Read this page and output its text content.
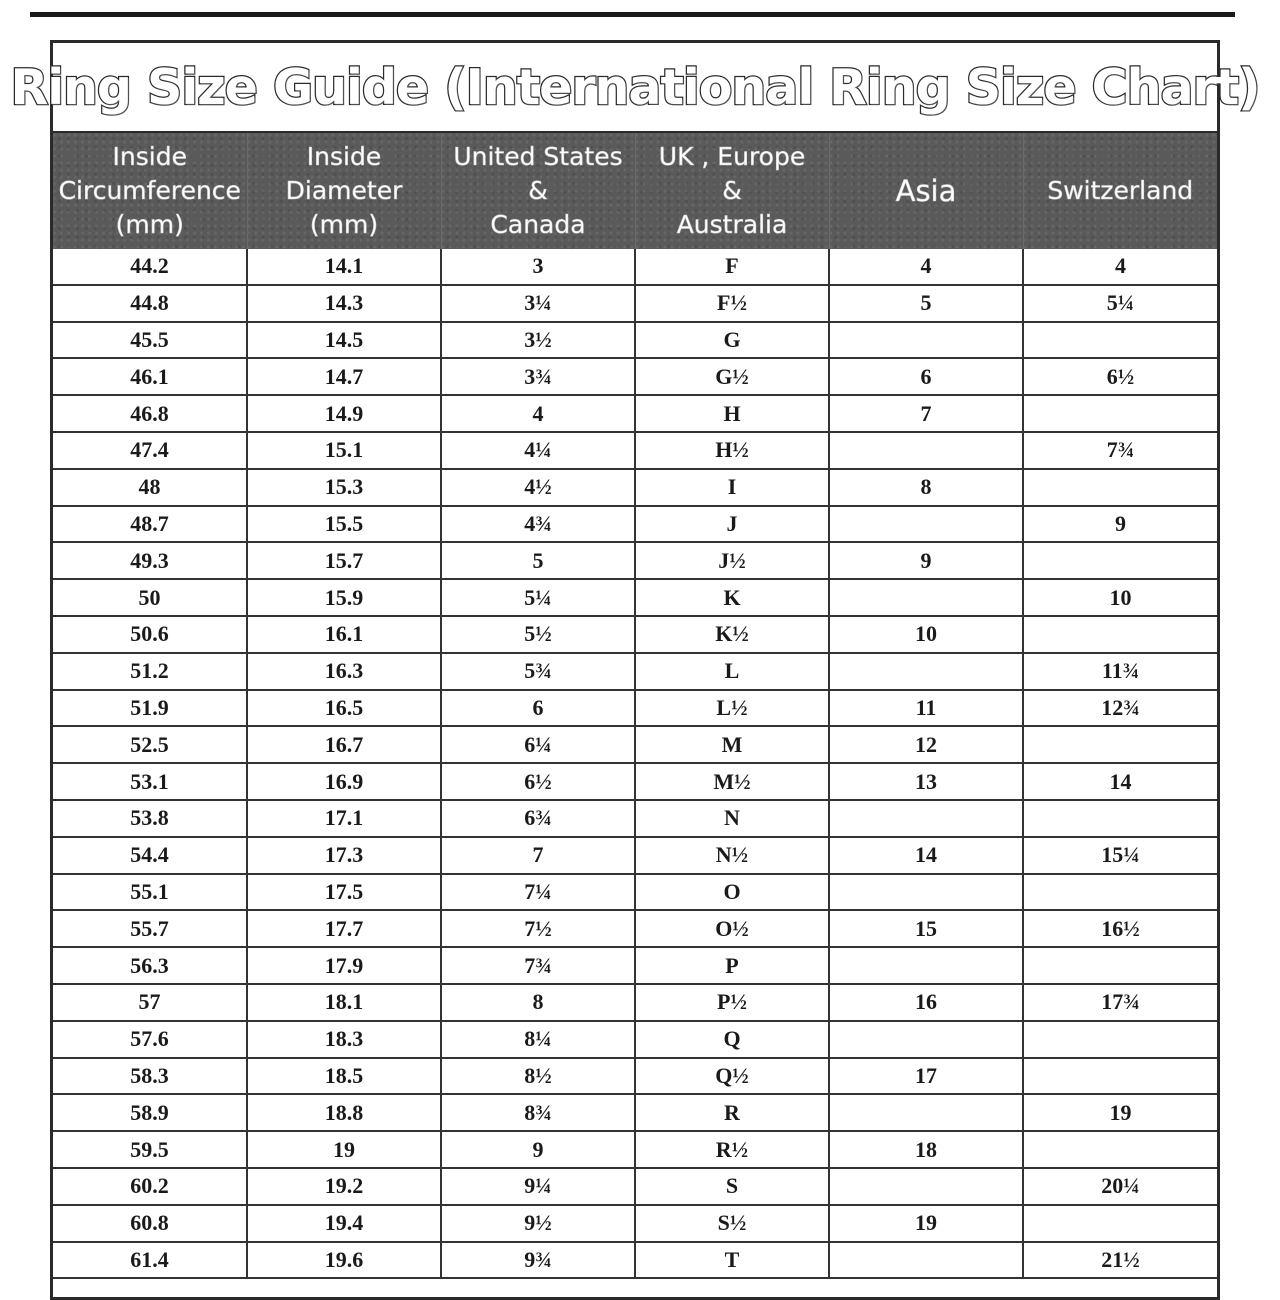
Ring Size Guide (International Ring Size Chart)
Inside
Circumference
(mm)	Inside
Diameter
(mm)	United States
&
Canada	UK , Europe
&
Australia	Asia	Switzerland
44.2	14.1	3	F	4	4
44.8	14.3	3¼	F½	5	5¼
45.5	14.5	3½	G		
46.1	14.7	3¾	G½	6	6½
46.8	14.9	4	H	7	
47.4	15.1	4¼	H½		7¾
48	15.3	4½	I	8	
48.7	15.5	4¾	J		9
49.3	15.7	5	J½	9	
50	15.9	5¼	K		10
50.6	16.1	5½	K½	10	
51.2	16.3	5¾	L		11¾
51.9	16.5	6	L½	11	12¾
52.5	16.7	6¼	M	12	
53.1	16.9	6½	M½	13	14
53.8	17.1	6¾	N		
54.4	17.3	7	N½	14	15¼
55.1	17.5	7¼	O		
55.7	17.7	7½	O½	15	16½
56.3	17.9	7¾	P		
57	18.1	8	P½	16	17¾
57.6	18.3	8¼	Q		
58.3	18.5	8½	Q½	17	
58.9	18.8	8¾	R		19
59.5	19	9	R½	18	
60.2	19.2	9¼	S		20¼
60.8	19.4	9½	S½	19	
61.4	19.6	9¾	T		21½
